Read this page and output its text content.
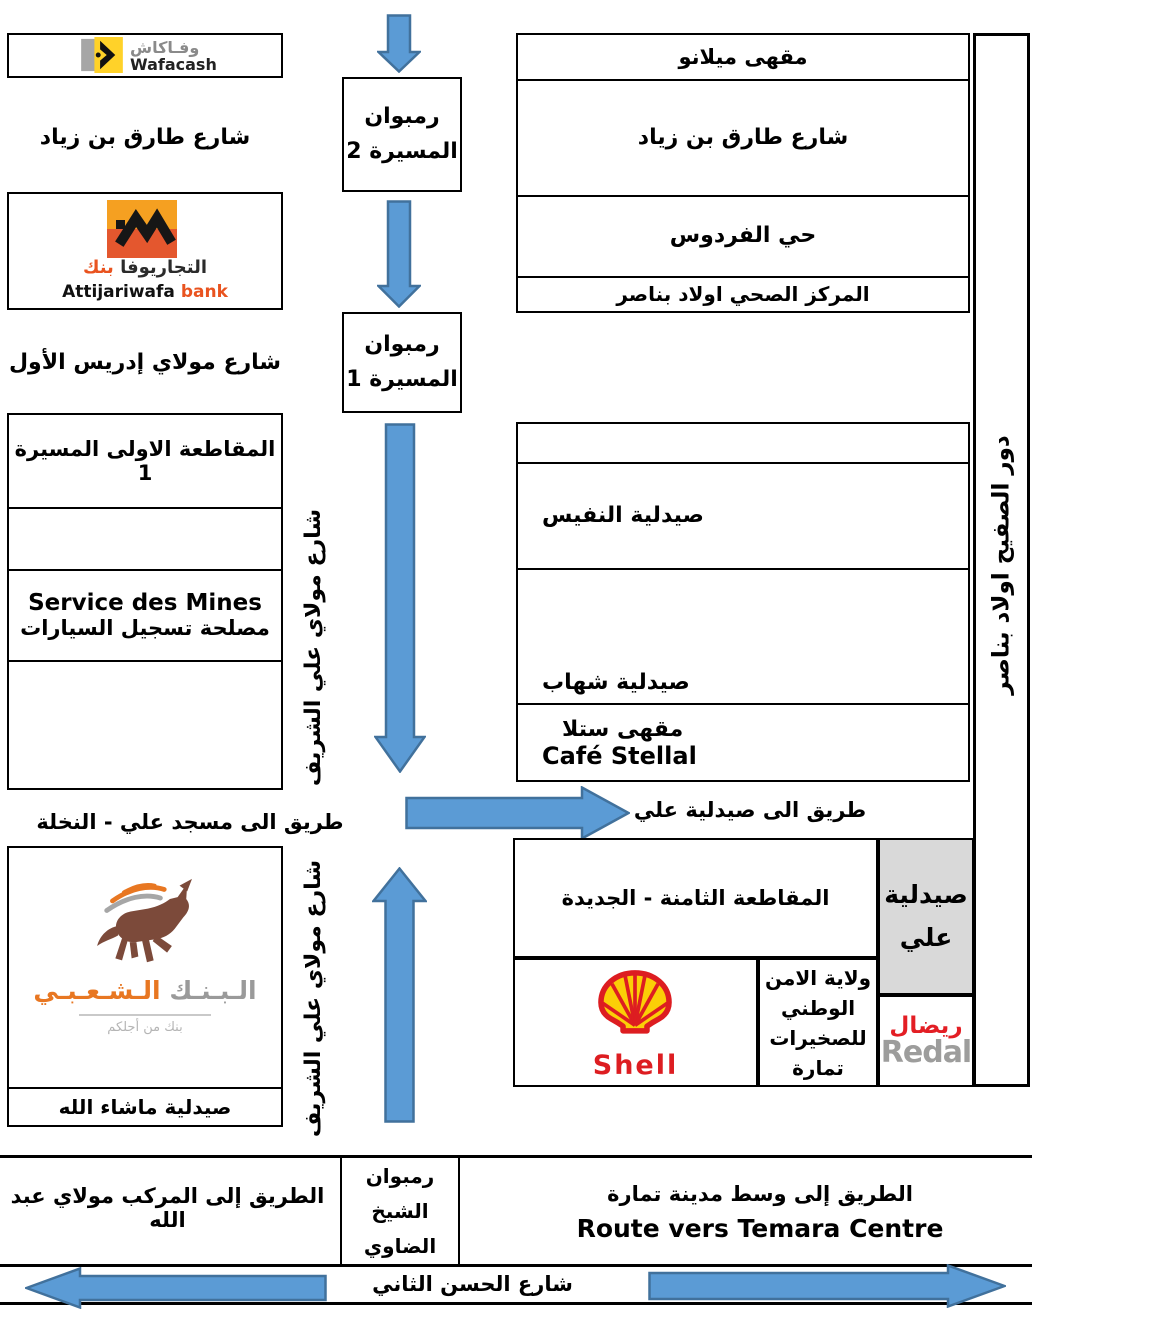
وفـاكاش
Wafacash
شارع طارق بن زياد
التجاريوفا بنك
Attijariwafa bank
شارع مولاي إدريس الأول
المقاطعة الاولى المسيرة 1
Service des Mines
مصلحة تسجيل السيارات
طريق الى مسجد علي - النخلة
الـبـنـك الـشـعـبـي
بنك من أجلكم
صيدلية ماشاء الله
رمبوان
المسيرة 2
رمبوان
المسيرة 1
شارع مولاي علي الشريف
شارع مولاي علي الشريف
مقهى ميلانو
شارع طارق بن زياد
حي الفردوس
المركز الصحي اولاد بناصر
صيدلية النفيس
صيدلية شهاب
مقهى ستلا
Café Stellal
طريق الى صيدلية علي
المقاطعة الثامنة - الجديدة
Shell
ولاية الامن
الوطني
للصخيرات
تمارة
صيدلية
علي
ريضال
Redal
دور الصفيح اولاد بناصر
الطريق إلى المركب مولاي عبد الله
رمبوان
الشيخ
الضاوي
الطريق إلى وسط مدينة تمارة
Route vers Temara Centre
شارع الحسن الثاني
